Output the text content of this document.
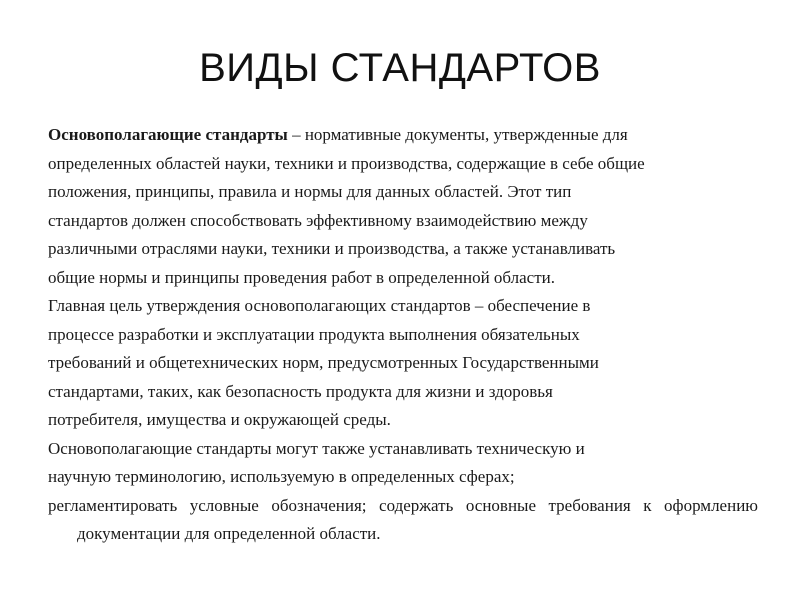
ВИДЫ СТАНДАРТОВ
Основополагающие стандарты – нормативные документы, утвержденные для
определенных областей науки, техники и производства, содержащие в себе общие
положения, принципы, правила и нормы для данных областей. Этот тип
стандартов должен способствовать эффективному взаимодействию между
различными отраслями науки, техники и производства, а также устанавливать
общие нормы и принципы проведения работ в определенной области.
Главная цель утверждения основополагающих стандартов – обеспечение в
процессе разработки и эксплуатации продукта выполнения обязательных
требований и общетехнических норм, предусмотренных Государственными
стандартами, таких, как безопасность продукта для жизни и здоровья
потребителя, имущества и окружающей среды.
Основополагающие стандарты могут также устанавливать техническую и
научную терминологию, используемую в определенных сферах;
регламентировать условные обозначения; содержать основные требования к оформлению документации для определенной области.
